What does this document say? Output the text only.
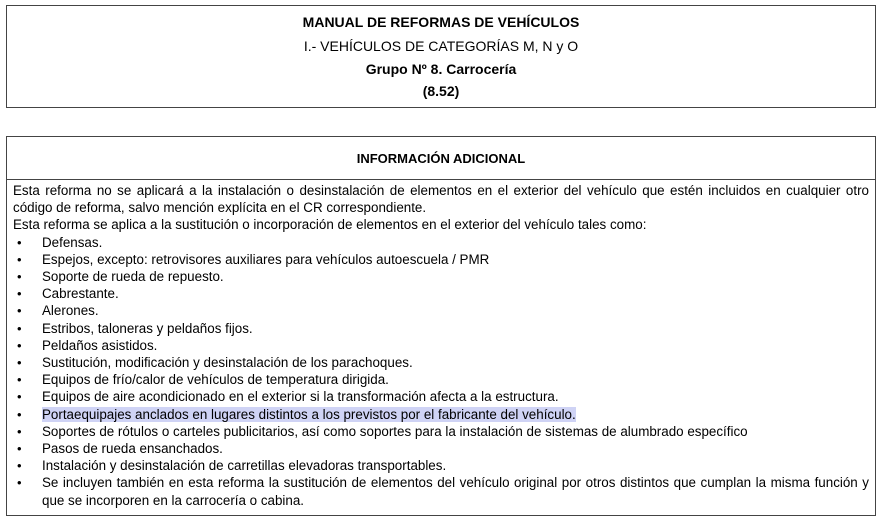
MANUAL DE REFORMAS DE VEHÍCULOS
I.- VEHÍCULOS DE CATEGORÍAS M, N y O
Grupo Nº 8. Carrocería
(8.52)
INFORMACIÓN ADICIONAL
Esta reforma no se aplicará a la instalación o desinstalación de elementos en el exterior del vehículo que estén incluidos en cualquier otro código de reforma, salvo mención explícita en el CR correspondiente.
Esta reforma se aplica a la sustitución o incorporación de elementos en el exterior del vehículo tales como:
• Defensas.
• Espejos, excepto: retrovisores auxiliares para vehículos autoescuela / PMR
• Soporte de rueda de repuesto.
• Cabrestante.
• Alerones.
• Estribos, taloneras y peldaños fijos.
• Peldaños asistidos.
• Sustitución, modificación y desinstalación de los parachoques.
• Equipos de frío/calor de vehículos de temperatura dirigida.
• Equipos de aire acondicionado en el exterior si la transformación afecta a la estructura.
• Portaequipajes anclados en lugares distintos a los previstos por el fabricante del vehículo.
• Soportes de rótulos o carteles publicitarios, así como soportes para la instalación de sistemas de alumbrado específico
• Pasos de rueda ensanchados.
• Instalación y desinstalación de carretillas elevadoras transportables.
• Se incluyen también en esta reforma la sustitución de elementos del vehículo original por otros distintos que cumplan la misma función y que se incorporen en la carrocería o cabina.
